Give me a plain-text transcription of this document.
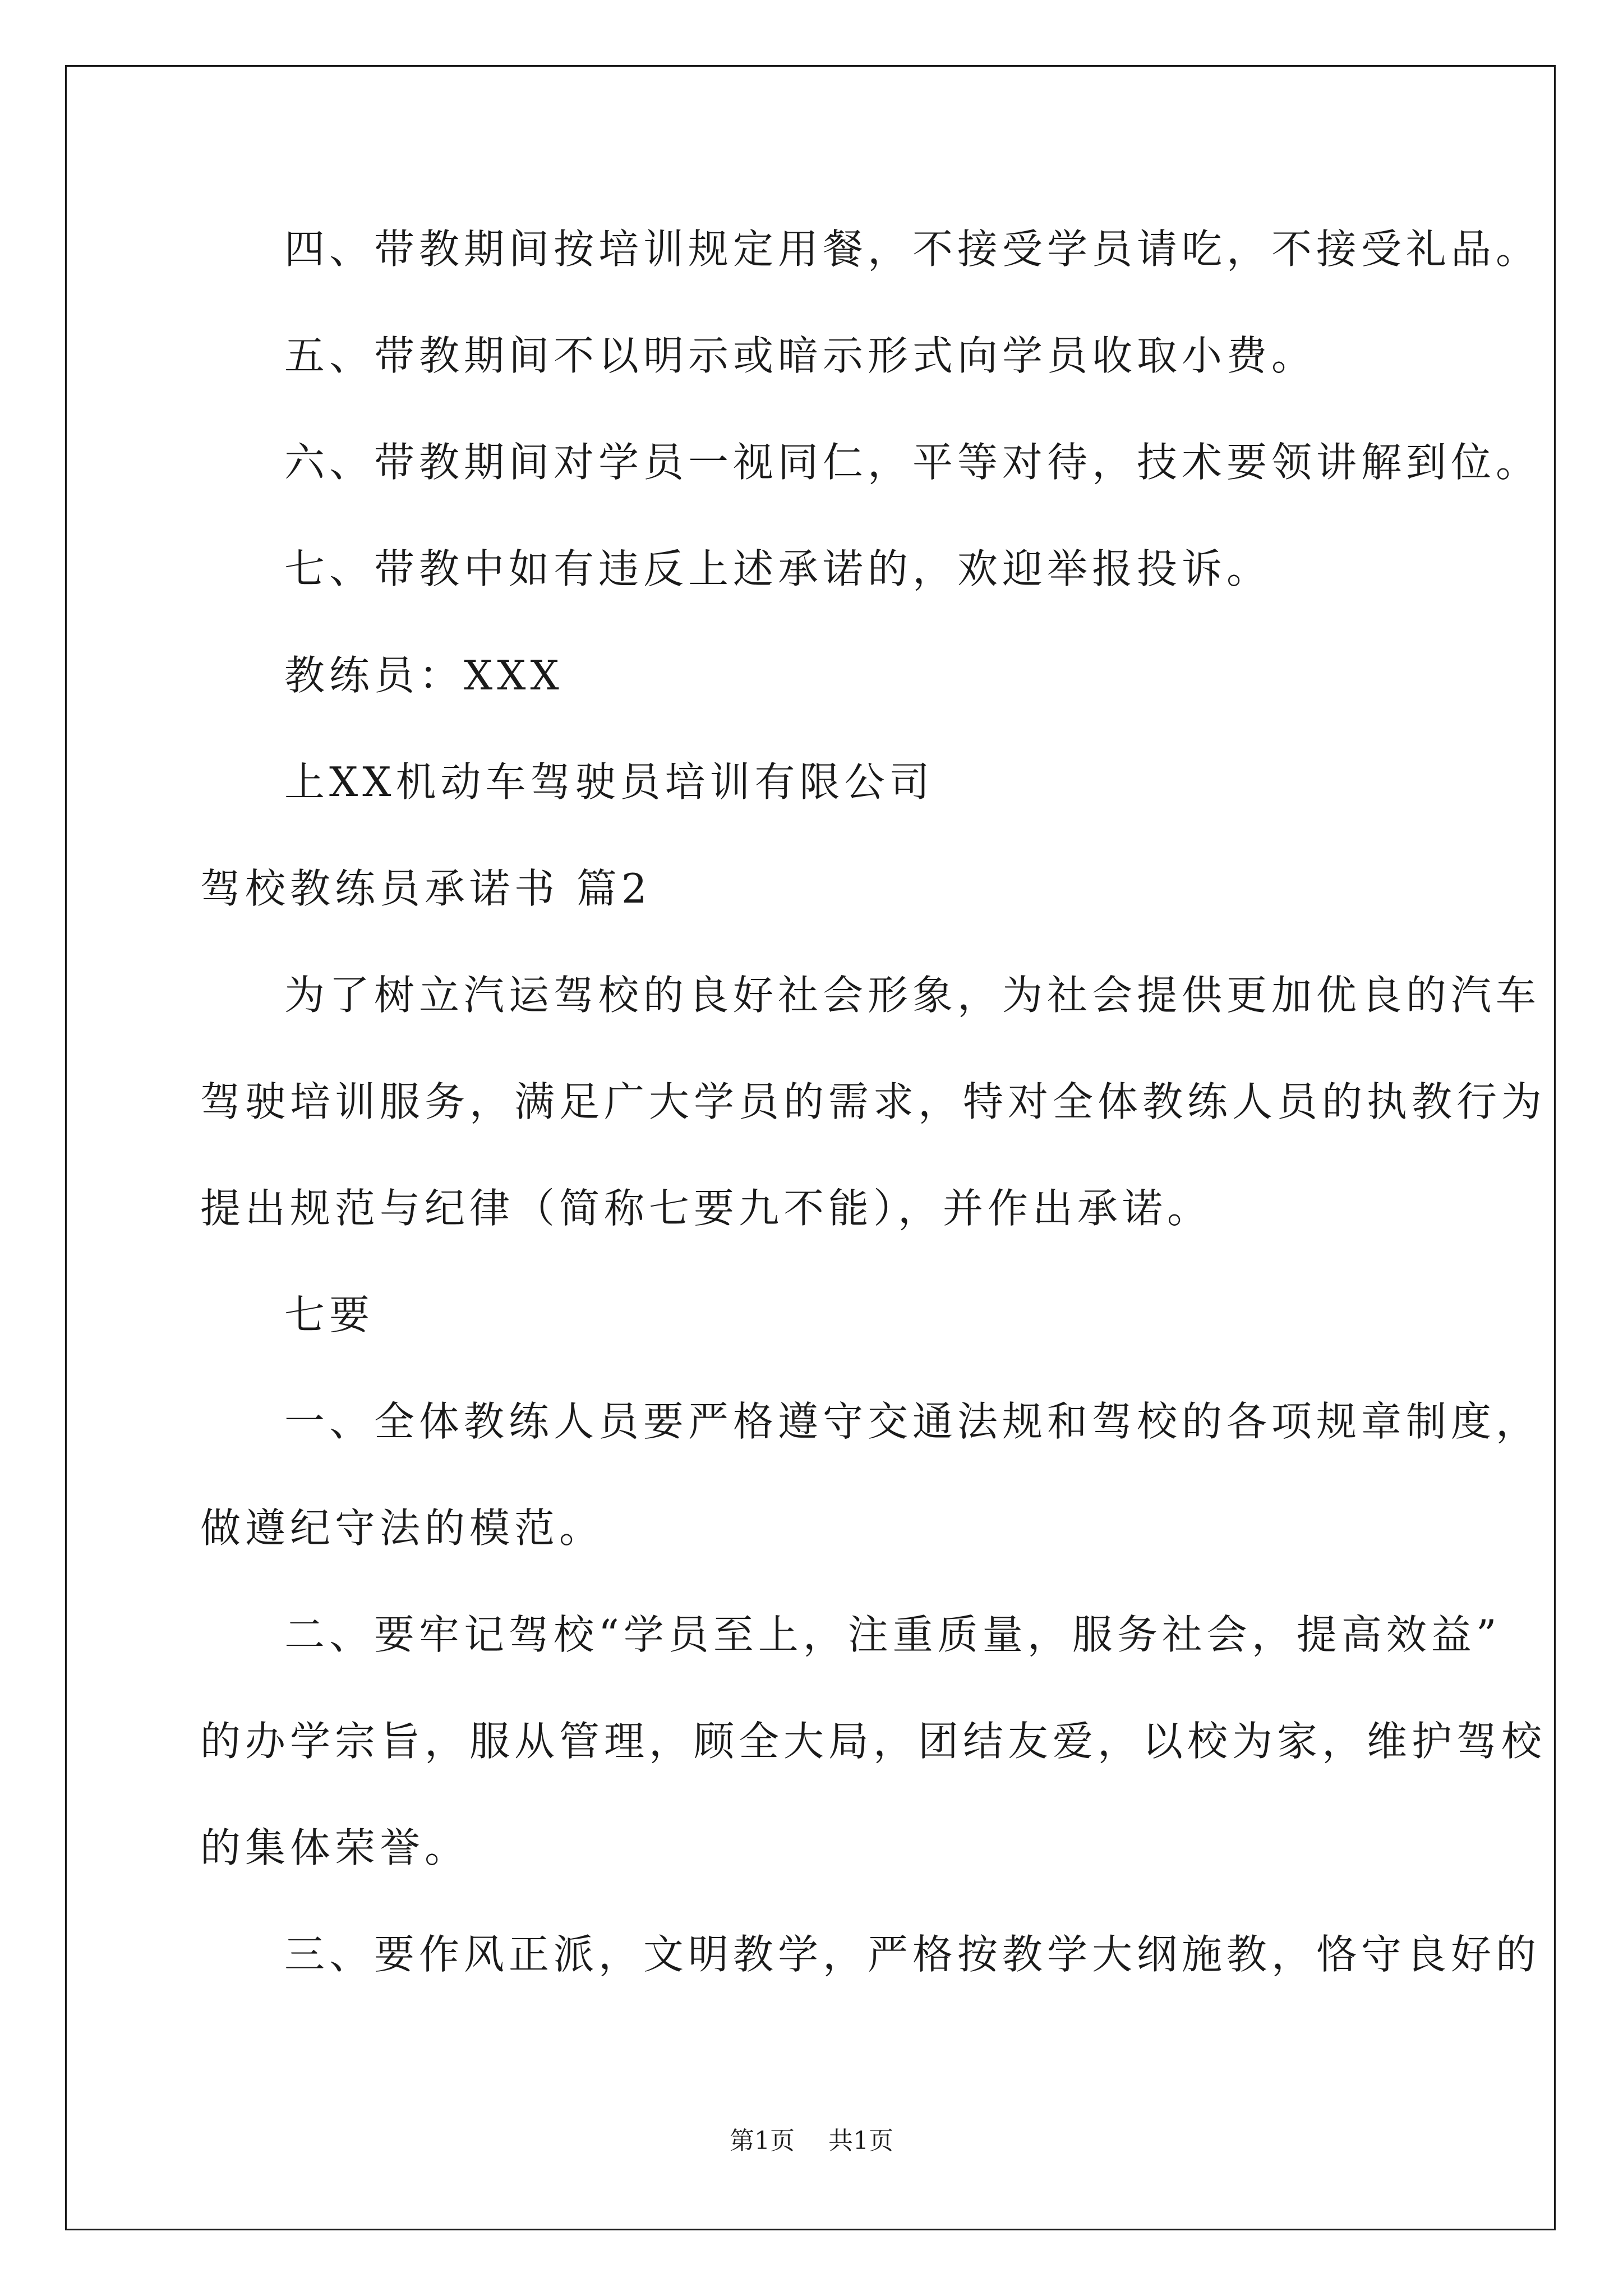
四、带教期间按培训规定用餐，不接受学员请吃，不接受礼品。
五、带教期间不以明示或暗示形式向学员收取小费。
六、带教期间对学员一视同仁，平等对待，技术要领讲解到位。
七、带教中如有违反上述承诺的，欢迎举报投诉。
教练员：XXX
上XX机动车驾驶员培训有限公司
驾校教练员承诺书 篇2
为了树立汽运驾校的良好社会形象，为社会提供更加优良的汽车
驾驶培训服务，满足广大学员的需求，特对全体教练人员的执教行为
提出规范与纪律（简称七要九不能），并作出承诺。
七要
一、全体教练人员要严格遵守交通法规和驾校的各项规章制度，
做遵纪守法的模范。
二、要牢记驾校“学员至上，注重质量，服务社会，提高效益”
的办学宗旨，服从管理，顾全大局，团结友爱，以校为家，维护驾校
的集体荣誉。
三、要作风正派，文明教学，严格按教学大纲施教，恪守良好的
第1页 共1页
